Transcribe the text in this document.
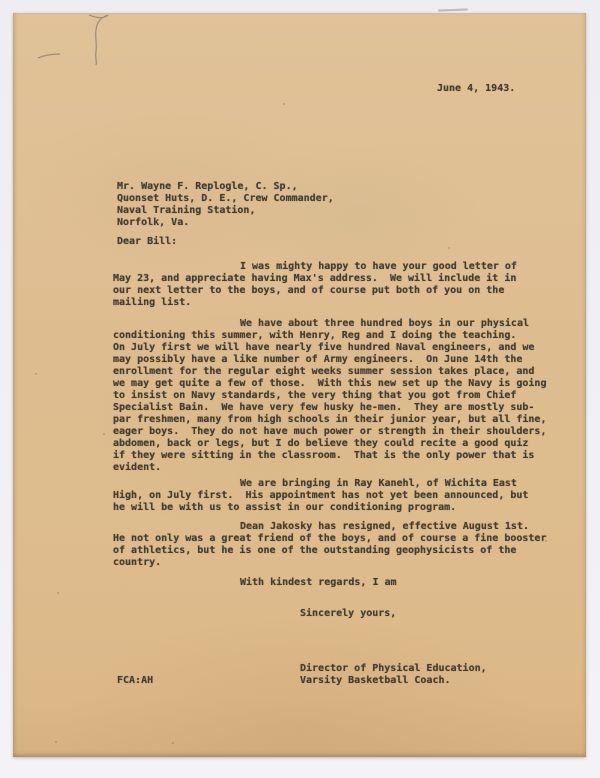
June 4, 1943.
Mr. Wayne F. Replogle, C. Sp.,
Quonset Huts, D. E., Crew Commander,
Naval Training Station,
Norfolk, Va.
Dear Bill:
I was mighty happy to have your good letter of
May 23, and appreciate having Max's address.  We will include it in
our next letter to the boys, and of course put both of you on the
mailing list.
We have about three hundred boys in our physical
conditioning this summer, with Henry, Reg and I doing the teaching.
On July first we will have nearly five hundred Naval engineers, and we
may possibly have a like number of Army engineers.  On June 14th the
enrollment for the regular eight weeks summer session takes place, and
we may get quite a few of those.  With this new set up the Navy is going
to insist on Navy standards, the very thing that you got from Chief
Specialist Bain.  We have very few husky he-men.  They are mostly sub-
par freshmen, many from high schools in their junior year, but all fine,
eager boys.  They do not have much power or strength in their shoulders,
abdomen, back or legs, but I do believe they could recite a good quiz
if they were sitting in the classroom.  That is the only power that is
evident.
We are bringing in Ray Kanehl, of Wichita East
High, on July first.  His appointment has not yet been announced, but
he will be with us to assist in our conditioning program.
Dean Jakosky has resigned, effective August 1st.
He not only was a great friend of the boys, and of course a fine booster
of athletics, but he is one of the outstanding geophysicists of the
country.
With kindest regards, I am
Sincerely yours,
FCA:AH
Director of Physical Education,
Varsity Basketball Coach.
